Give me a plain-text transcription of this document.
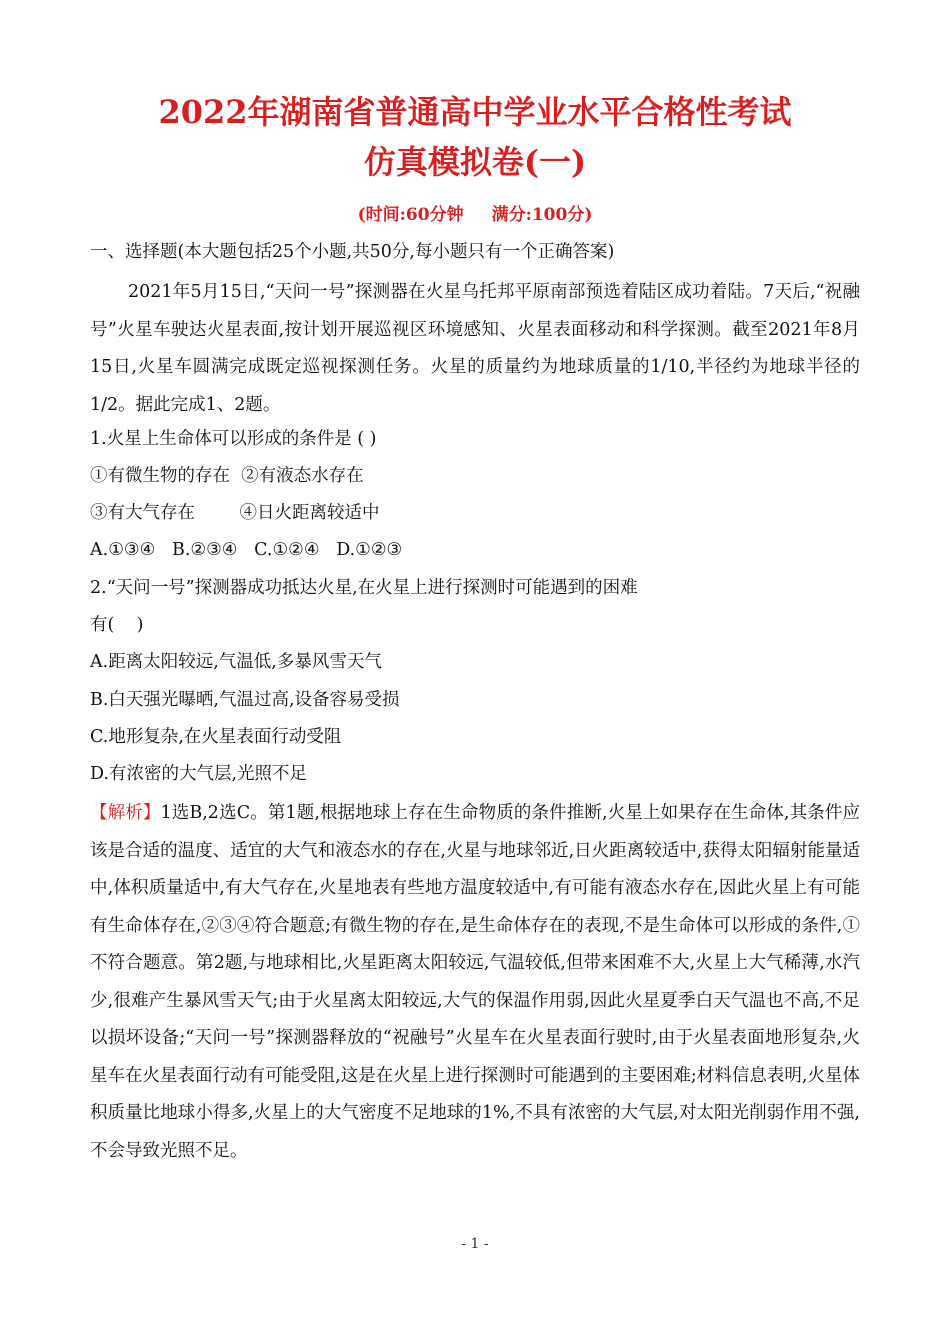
2022年湖南省普通高中学业水平合格性考试
仿真模拟卷(一)
(时间:60分钟 满分:100分)
一、选择题(本大题包括25个小题,共50分,每小题只有一个正确答案)

2021年5月15日,“天问一号”探测器在火星乌托邦平原南部预选着陆区成功着陆。7天后,“祝融号”火星车驶达火星表面,按计划开展巡视区环境感知、火星表面移动和科学探测。截至2021年8月15日,火星车圆满完成既定巡视探测任务。火星的质量约为地球质量的1/10,半径约为地球半径的1/2。据此完成1、2题。

1.火星上生命体可以形成的条件是 ( )
①有微生物的存在  ②有液态水存在
③有大气存在        ④日火距离较适中
A.①③④   B.②③④   C.①②④   D.①②③
2.“天问一号”探测器成功抵达火星,在火星上进行探测时可能遇到的困难
有(    )
A.距离太阳较远,气温低,多暴风雪天气
B.白天强光曝晒,气温过高,设备容易受损
C.地形复杂,在火星表面行动受阻
D.有浓密的大气层,光照不足

【解析】1选B,2选C。第1题,根据地球上存在生命物质的条件推断,火星上如果存在生命体,其条件应该是合适的温度、适宜的大气和液态水的存在,火星与地球邻近,日火距离较适中,获得太阳辐射能量适中,体积质量适中,有大气存在,火星地表有些地方温度较适中,有可能有液态水存在,因此火星上有可能有生命体存在,②③④符合题意;有微生物的存在,是生命体存在的表现,不是生命体可以形成的条件,①不符合题意。第2题,与地球相比,火星距离太阳较远,气温较低,但带来困难不大,火星上大气稀薄,水汽少,很难产生暴风雪天气;由于火星离太阳较远,大气的保温作用弱,因此火星夏季白天气温也不高,不足以损坏设备;“天问一号”探测器释放的“祝融号”火星车在火星表面行驶时,由于火星表面地形复杂,火星车在火星表面行动有可能受阻,这是在火星上进行探测时可能遇到的主要困难;材料信息表明,火星体积质量比地球小得多,火星上的大气密度不足地球的1%,不具有浓密的大气层,对太阳光削弱作用不强,不会导致光照不足。

- 1 -
